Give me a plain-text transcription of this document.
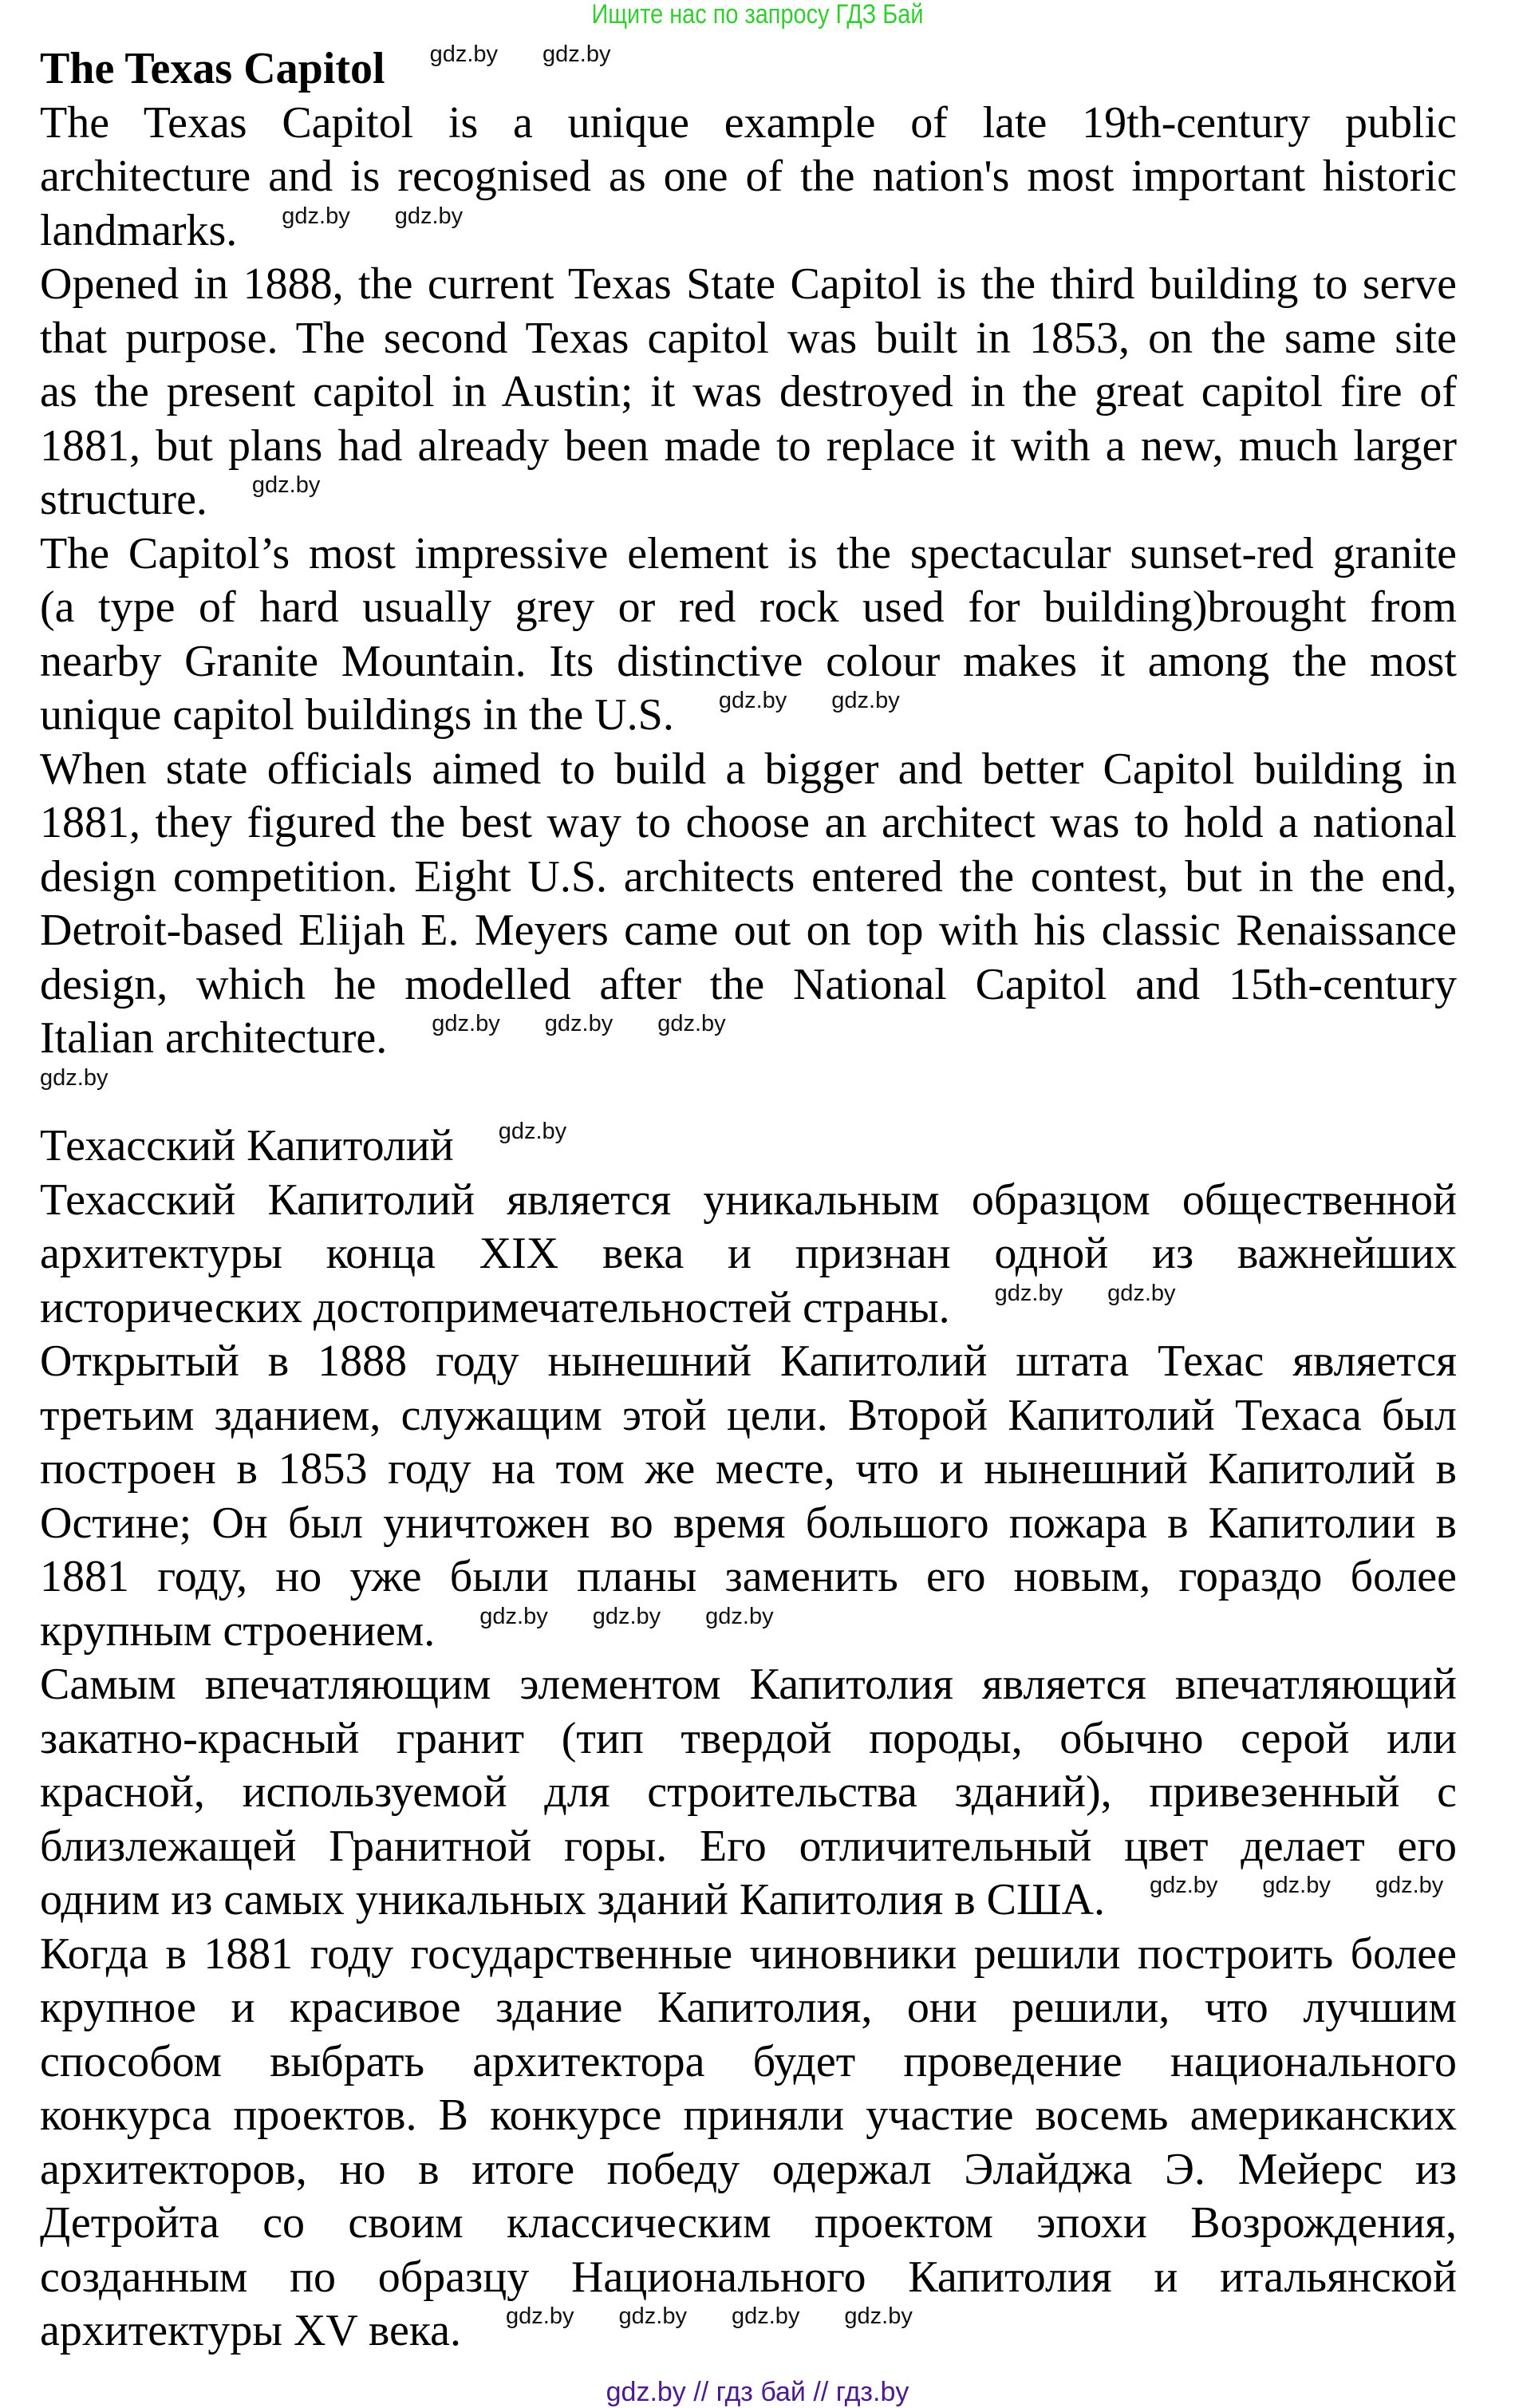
Ищите нас по запросу ГДЗ Бай
The Texas Capitol gdz.by gdz.by
The Texas Capitol is a unique example of late 19th-century public
architecture and is recognised as one of the nation's most important historic
landmarks. gdz.by gdz.by
Opened in 1888, the current Texas State Capitol is the third building to serve
that purpose. The second Texas capitol was built in 1853, on the same site
as the present capitol in Austin; it was destroyed in the great capitol fire of
1881, but plans had already been made to replace it with a new, much larger
structure. gdz.by
The Capitol’s most impressive element is the spectacular sunset-red granite
(a type of hard usually grey or red rock used for building)brought from
nearby Granite Mountain. Its distinctive colour makes it among the most
unique capitol buildings in the U.S. gdz.by gdz.by
When state officials aimed to build a bigger and better Capitol building in
1881, they figured the best way to choose an architect was to hold a national
design competition. Eight U.S. architects entered the contest, but in the end,
Detroit-based Elijah E. Meyers came out on top with his classic Renaissance
design, which he modelled after the National Capitol and 15th-century
Italian architecture. gdz.by gdz.by gdz.by
gdz.by
Техасский Капитолий gdz.by
Техасский Капитолий является уникальным образцом общественной
архитектуры конца XIX века и признан одной из важнейших
исторических достопримечательностей страны. gdz.by gdz.by
Открытый в 1888 году нынешний Капитолий штата Техас является
третьим зданием, служащим этой цели. Второй Капитолий Техаса был
построен в 1853 году на том же месте, что и нынешний Капитолий в
Остине; Он был уничтожен во время большого пожара в Капитолии в
1881 году, но уже были планы заменить его новым, гораздо более
крупным строением. gdz.by gdz.by gdz.by
Самым впечатляющим элементом Капитолия является впечатляющий
закатно-красный гранит (тип твердой породы, обычно серой или
красной, используемой для строительства зданий), привезенный с
близлежащей Гранитной горы. Его отличительный цвет делает его
одним из самых уникальных зданий Капитолия в США. gdz.by gdz.by gdz.by
Когда в 1881 году государственные чиновники решили построить более
крупное и красивое здание Капитолия, они решили, что лучшим
способом выбрать архитектора будет проведение национального
конкурса проектов. В конкурсе приняли участие восемь американских
архитекторов, но в итоге победу одержал Элайджа Э. Мейерс из
Детройта со своим классическим проектом эпохи Возрождения,
созданным по образцу Национального Капитолия и итальянской
архитектуры XV века. gdz.by gdz.by gdz.by gdz.by
gdz.by // гдз бай // гдз.by
